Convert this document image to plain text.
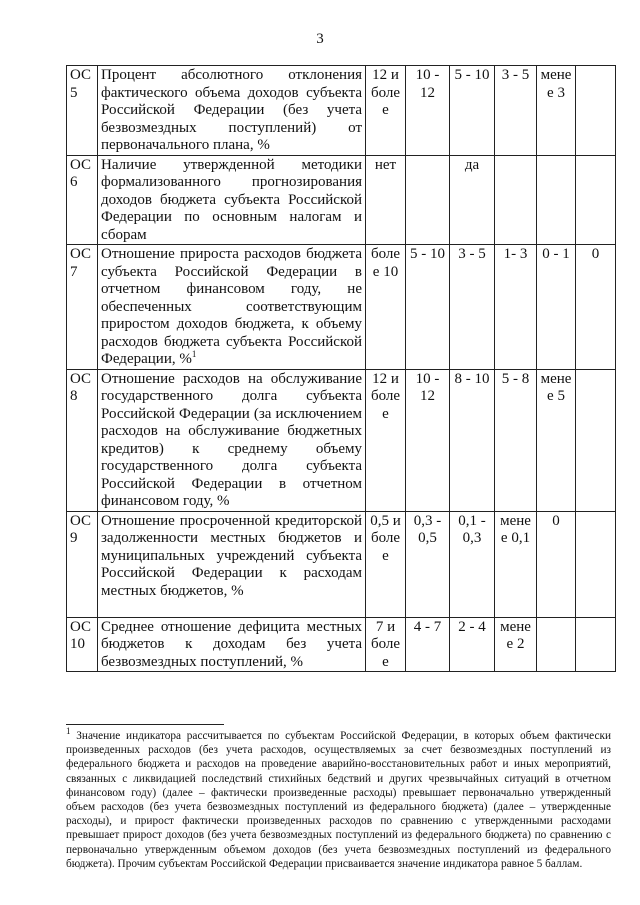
3
ОС 5	Процент абсолютного отклонения фактического объема доходов субъекта Российской Федерации (без учета безвозмездных поступлений) от первоначального плана, %	12 и боле е	10 - 12	5 - 10	3 - 5	мене е 3	
ОС 6	Наличие утвержденной методики формализованного прогнозирования доходов бюджета субъекта Российской Федерации по основным налогам и сборам	нет		да			
ОС 7	Отношение прироста расходов бюджета субъекта Российской Федерации в отчетном финансовом году, не обеспеченных соответствующим приростом доходов бюджета, к объему расходов бюджета субъекта Российской Федерации, %$^1$	боле е 10	5 - 10	3 - 5	1- 3	0 - 1	0
ОС 8	Отношение расходов на обслуживание государственного долга субъекта Российской Федерации (за исключением расходов на обслуживание бюджетных кредитов) к среднему объему государственного долга субъекта Российской Федерации в отчетном финансовом году, %	12 и боле е	10 - 12	8 - 10	5 - 8	мене е 5	
ОС 9	Отношение просроченной кредиторской задолженности местных бюджетов и муниципальных учреждений субъекта Российской Федерации к расходам местных бюджетов, %	0,5 и боле е	0,3 - 0,5	0,1 - 0,3	мене е 0,1	0	
ОС 10	Среднее отношение дефицита местных бюджетов к доходам без учета безвозмездных поступлений, %	7 и боле е	4 - 7	2 - 4	мене е 2		
$^1$ Значение индикатора рассчитывается по субъектам Российской Федерации, в которых объем фактически произведенных расходов (без учета расходов, осуществляемых за счет безвозмездных поступлений из федерального бюджета и расходов на проведение аварийно-восстановительных работ и иных мероприятий, связанных с ликвидацией последствий стихийных бедствий и других чрезвычайных ситуаций в отчетном финансовом году) (далее – фактически произведенные расходы) превышает первоначально утвержденный объем расходов (без учета безвозмездных поступлений из федерального бюджета) (далее – утвержденные расходы), и прирост фактически произведенных расходов по сравнению с утвержденными расходами превышает прирост доходов (без учета безвозмездных поступлений из федерального бюджета) по сравнению с первоначально утвержденным объемом доходов (без учета безвозмездных поступлений из федерального бюджета). Прочим субъектам Российской Федерации присваивается значение индикатора равное 5 баллам.
